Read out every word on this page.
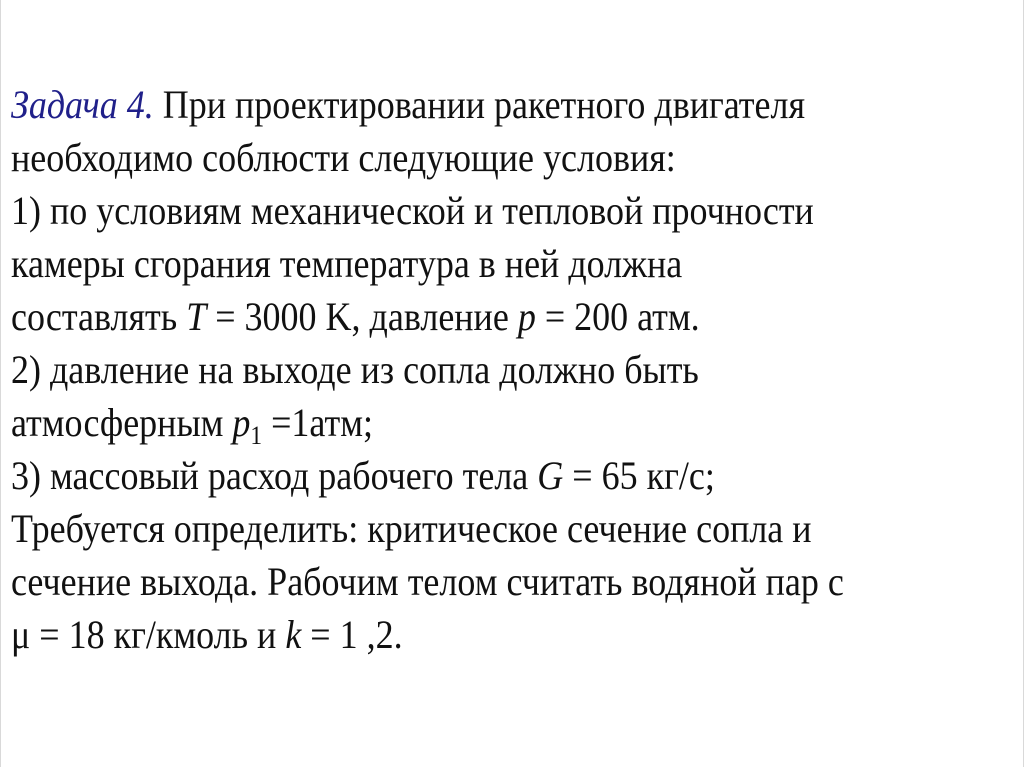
Задача 4. При проектировании ракетного двигателя
необходимо соблюсти следующие условия:
1) по условиям механической и тепловой прочности
камеры сгорания температура в ней должна
составлять T = 3000 K, давление p = 200 атм.
2) давление на выходе из сопла должно быть
атмосферным $p_1 =1атм$;
3) массовый расход рабочего тела G = 65 кг/с;
Требуется определить: критическое сечение сопла и
сечение выхода. Рабочим телом считать водяной пар с
μ = 18 кг/кмоль и k = 1 ,2.
